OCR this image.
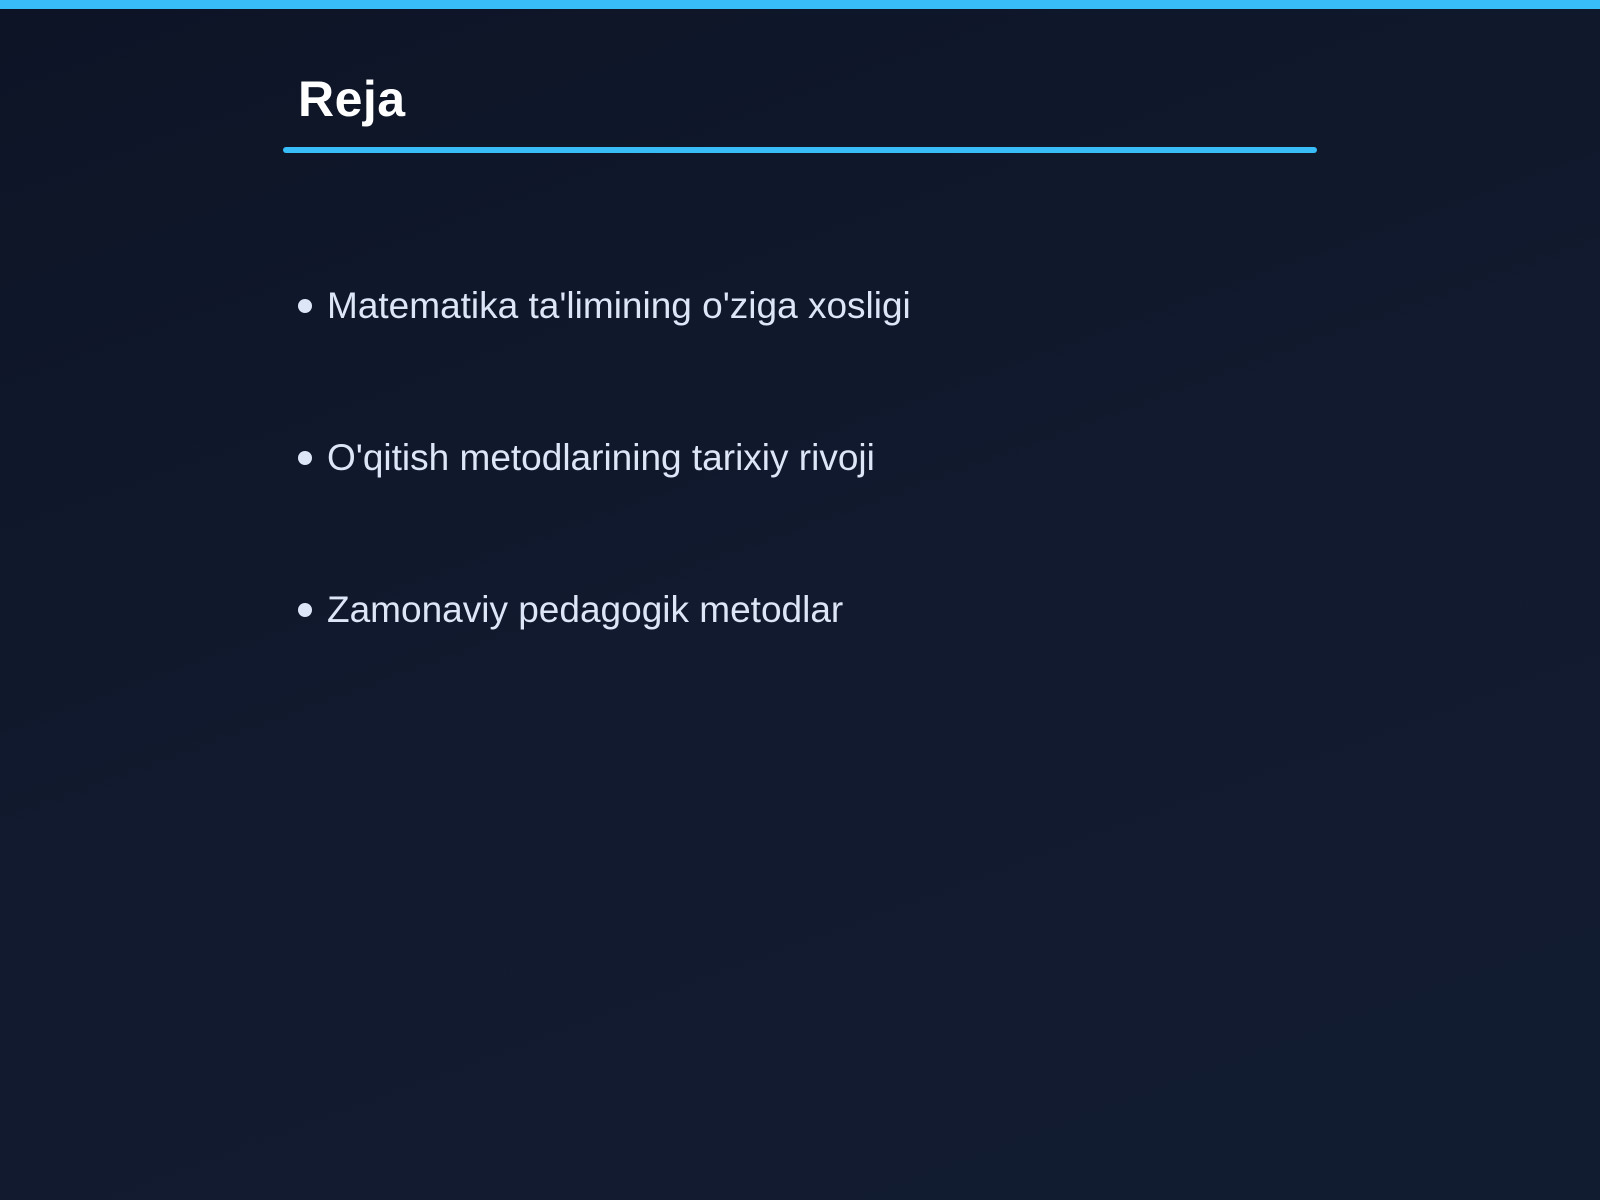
Reja
Matematika ta'limining o'ziga xosligi
O'qitish metodlarining tarixiy rivoji
Zamonaviy pedagogik metodlar
